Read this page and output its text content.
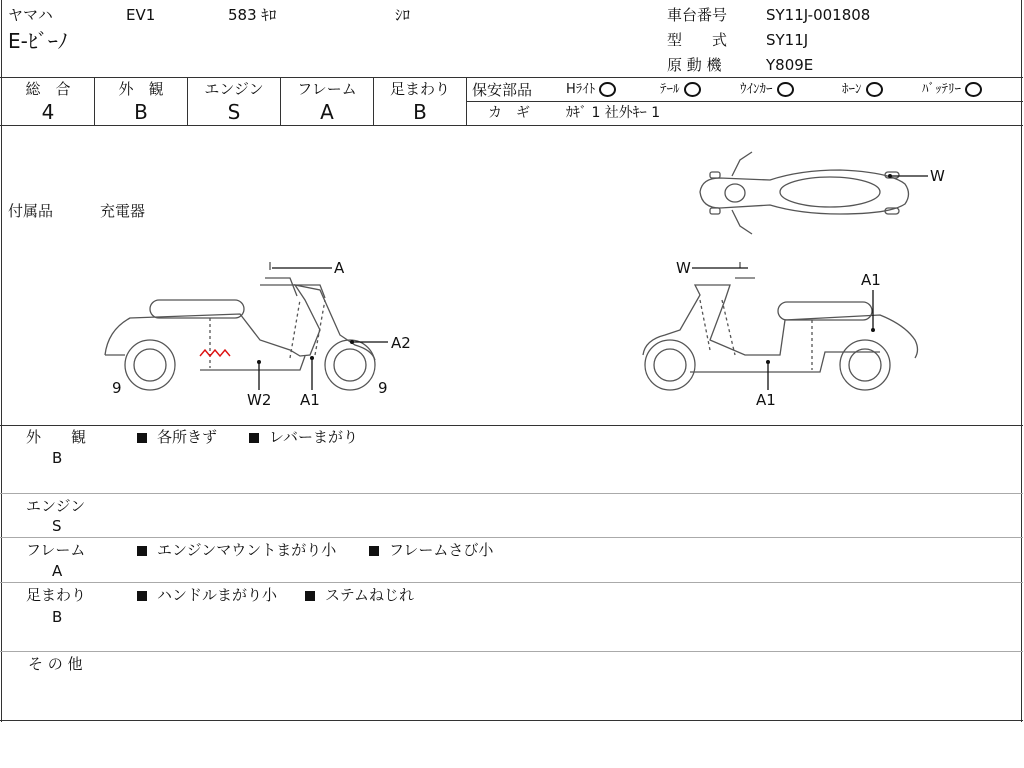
ヤマハ	EV1	583 ｷﾛ	ｼﾛ
E-ﾋﾞｰﾉ
車台番号	SY11J-001808
型　　式	SY11J
原 動 機	Y809E
総　合
4
外　観
B
エンジン
S
フレーム
A
足まわり
B
保安部品	Hﾗｲﾄ	ﾃｰﾙ	ｳｲﾝｶｰ	ﾎｰﾝ	ﾊﾞｯﾃﾘｰ
カ　ギ	ｶｷﾞ 1 社外ｷｰ 1
付属品	充電器
W
A
A2
9
W2 A1
9
W
A1
A1
外　　観
B
各所きず	レバーまがり
エンジン
S
フレーム
A
エンジンマウントまがり小	フレームさび小
足まわり
B
ハンドルまがり小	ステムねじれ
そ の 他
